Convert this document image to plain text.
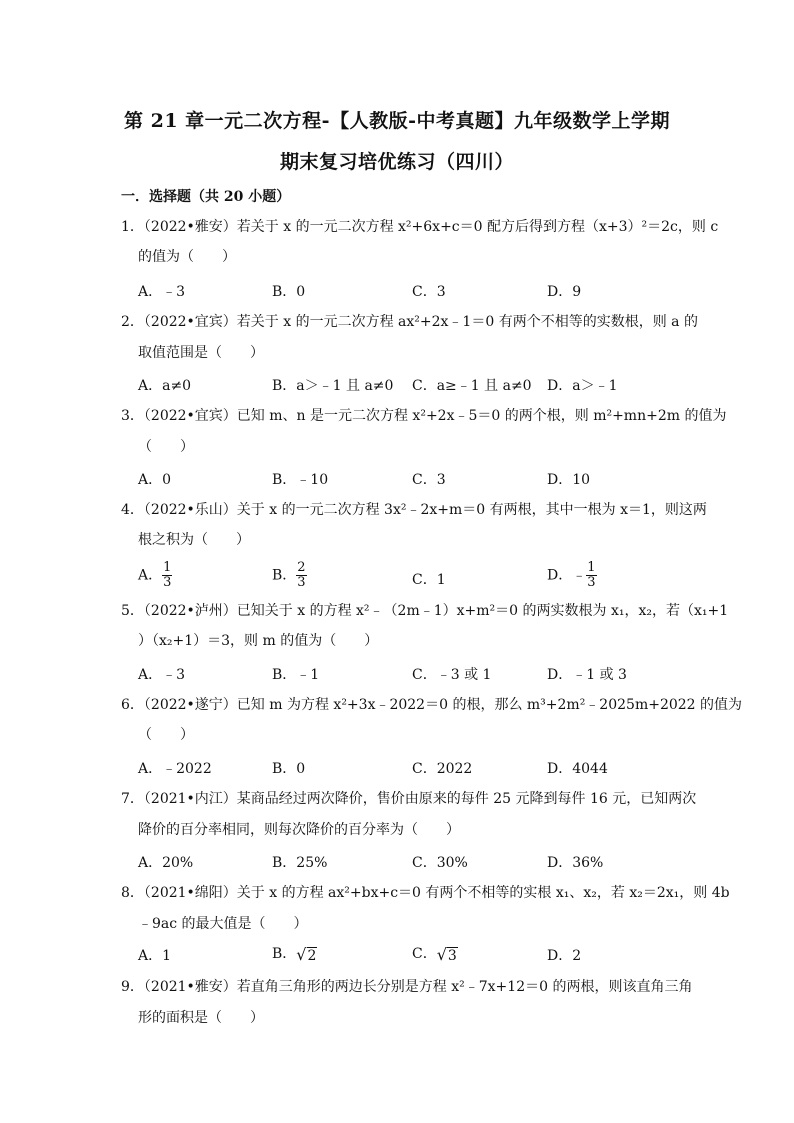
第 21 章一元二次方程-【人教版-中考真题】九年级数学上学期
期末复习培优练习（四川）
一．选择题（共 20 小题）
1．（2022•雅安）若关于 x 的一元二次方程 x²+6x+c＝0 配方后得到方程（x+3）²＝2c，则 c
的值为（　　）
A．﹣3	B．0	C．3	D．9
2．（2022•宜宾）若关于 x 的一元二次方程 ax²+2x﹣1＝0 有两个不相等的实数根，则 a 的
取值范围是（　　）
A．a≠0	B．a＞﹣1 且 a≠0 C．a≥﹣1 且 a≠0 D．a＞﹣1
3．（2022•宜宾）已知 m、n 是一元二次方程 x²+2x﹣5＝0 的两个根，则 m²+mn+2m 的值为
（　　）
A．0	B．﹣10	C．3	D．10
4．（2022•乐山）关于 x 的一元二次方程 3x²﹣2x+m＝0 有两根，其中一根为 x＝1，则这两
根之积为（　　）
A． $\frac{1}{3}$	B． $\frac{2}{3}$	C．1	D．﹣ $\frac{1}{3}$
5．（2022•泸州）已知关于 x 的方程 x²﹣（2m﹣1）x+m²＝0 的两实数根为 x₁，x₂，若（x₁+1
）（x₂+1）＝3，则 m 的值为（　　）
A．﹣3	B．﹣1	C．﹣3 或 1	D．﹣1 或 3
6．（2022•遂宁）已知 m 为方程 x²+3x﹣2022＝0 的根，那么 m³+2m²﹣2025m+2022 的值为
（　　）
A．﹣2022	B．0	C．2022	D．4044
7．（2021•内江）某商品经过两次降价，售价由原来的每件 25 元降到每件 16 元，已知两次
降价的百分率相同，则每次降价的百分率为（　　）
A．20%	B．25%	C．30%	D．36%
8．（2021•绵阳）关于 x 的方程 ax²+bx+c＝0 有两个不相等的实根 x₁、x₂，若 x₂＝2x₁，则 4b
﹣9ac 的最大值是（　　）
A．1	B．√2	C．√3	D．2
9．（2021•雅安）若直角三角形的两边长分别是方程 x²﹣7x+12＝0 的两根，则该直角三角
形的面积是（　　）
